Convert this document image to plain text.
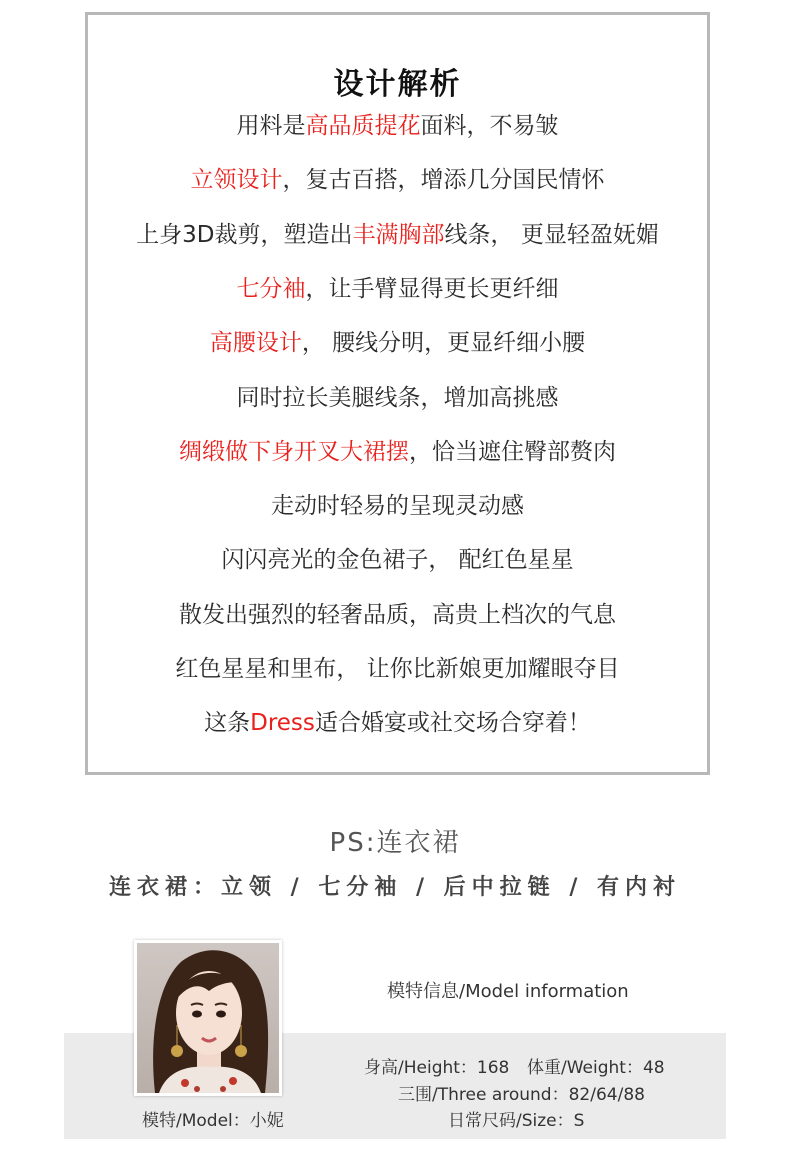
设计解析
用料是高品质提花面料，不易皱
立领设计，复古百搭，增添几分国民情怀
上身3D裁剪，塑造出丰满胸部线条， 更显轻盈妩媚
七分袖，让手臂显得更长更纤细
高腰设计， 腰线分明，更显纤细小腰
同时拉长美腿线条，增加高挑感
绸缎做下身开叉大裙摆，恰当遮住臀部赘肉
走动时轻易的呈现灵动感
闪闪亮光的金色裙子， 配红色星星
散发出强烈的轻奢品质，高贵上档次的气息
红色星星和里布， 让你比新娘更加耀眼夺目
这条Dress适合婚宴或社交场合穿着！
PS:连衣裙
连衣裙：立领 / 七分袖 / 后中拉链 / 有内衬
模特信息/Model information
身高/Height：168 体重/Weight：48
三围/Three around：82/64/88
日常尺码/Size：S
模特/Model：小妮
